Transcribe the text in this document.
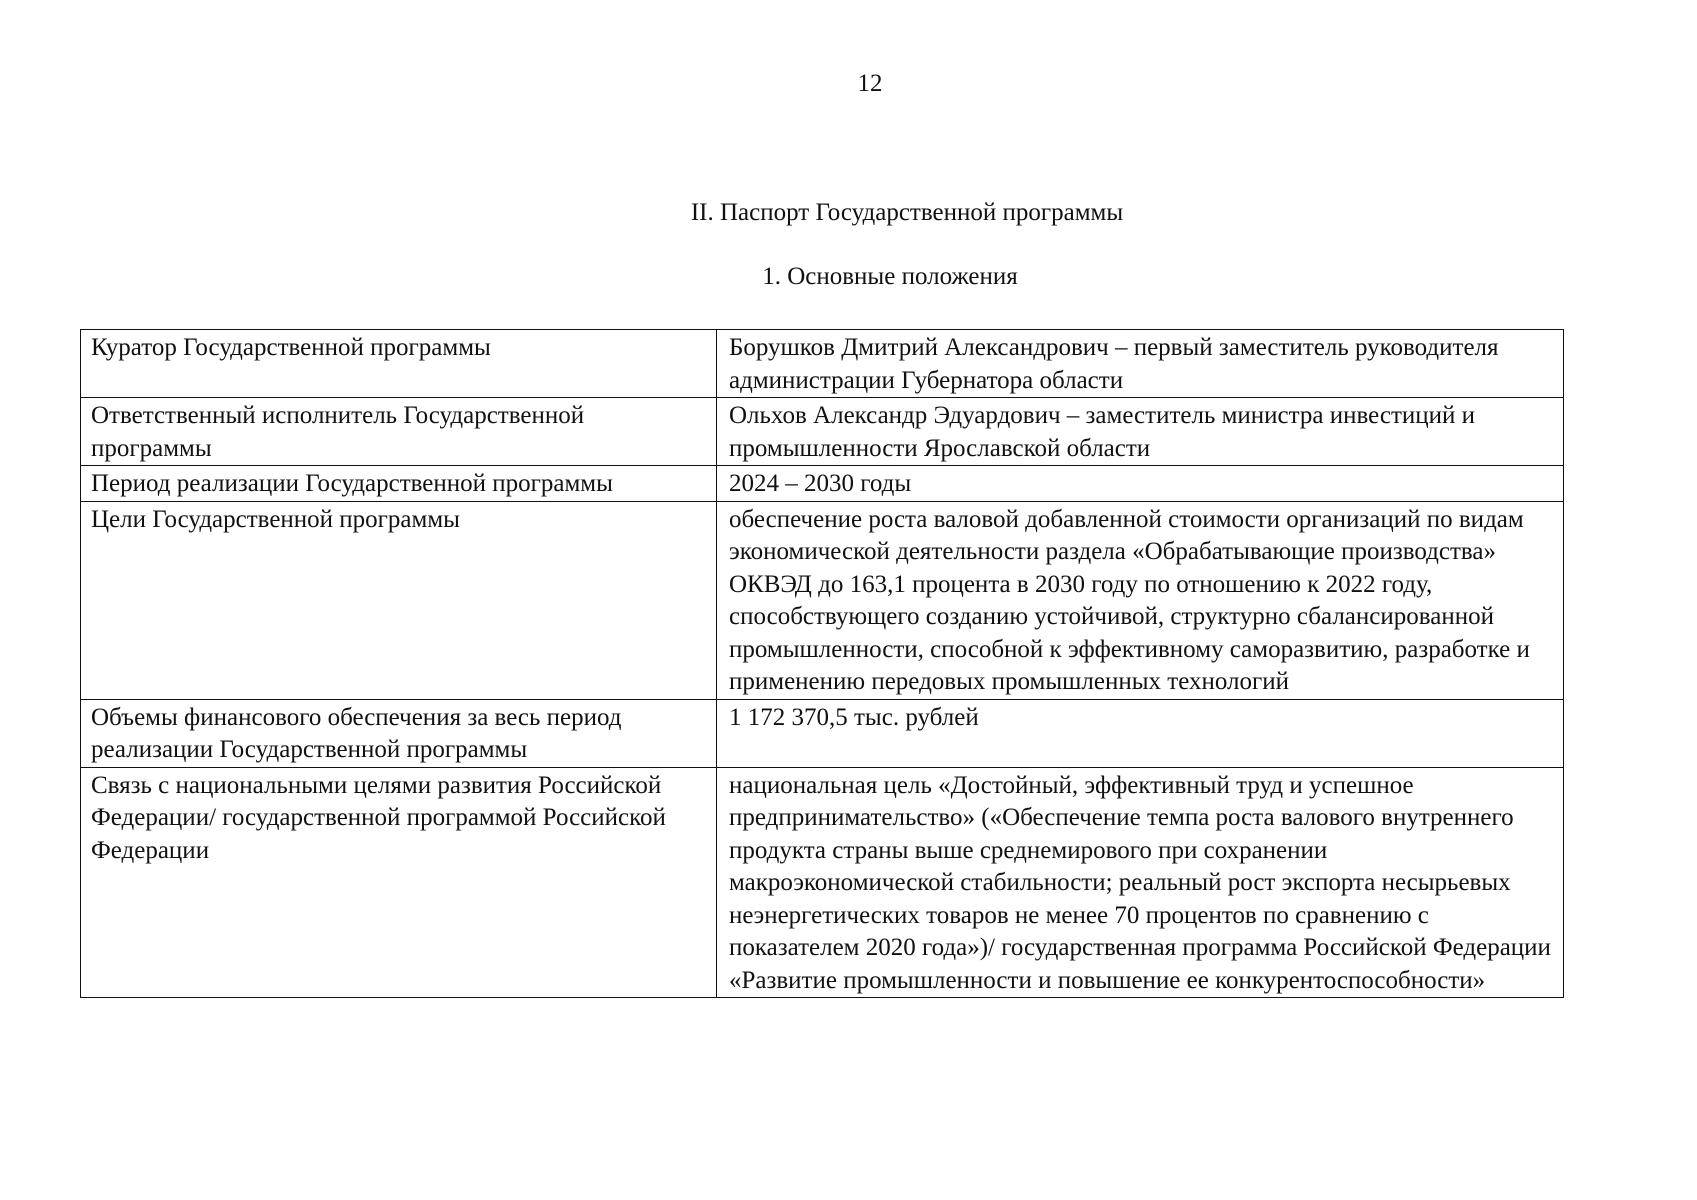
12
II. Паспорт Государственной программы
1. Основные положения
Куратор Государственной программы	Борушков Дмитрий Александрович – первый заместитель руководителя администрации Губернатора области
Ответственный исполнитель Государственной программы	Ольхов Александр Эдуардович – заместитель министра инвестиций и промышленности Ярославской области
Период реализации Государственной программы	2024 – 2030 годы
Цели Государственной программы	обеспечение роста валовой добавленной стоимости организаций по видам экономической деятельности раздела «Обрабатывающие производства» ОКВЭД до 163,1 процента в 2030 году по отношению к 2022 году, способствующего созданию устойчивой, структурно сбалансированной промышленности, способной к эффективному саморазвитию, разработке и применению передовых промышленных технологий
Объемы финансового обеспечения за весь период реализации Государственной программы	1 172 370,5 тыс. рублей
Связь с национальными целями развития Российской Федерации/ государственной программой Российской Федерации	национальная цель «Достойный, эффективный труд и успешное предпринимательство» («Обеспечение темпа роста валового внутреннего продукта страны выше среднемирового при сохранении макроэкономической стабильности; реальный рост экспорта несырьевых неэнергетических товаров не менее 70 процентов по сравнению с показателем 2020 года»)/ государственная программа Российской Федерации «Развитие промышленности и повышение ее конкурентоспособности»
